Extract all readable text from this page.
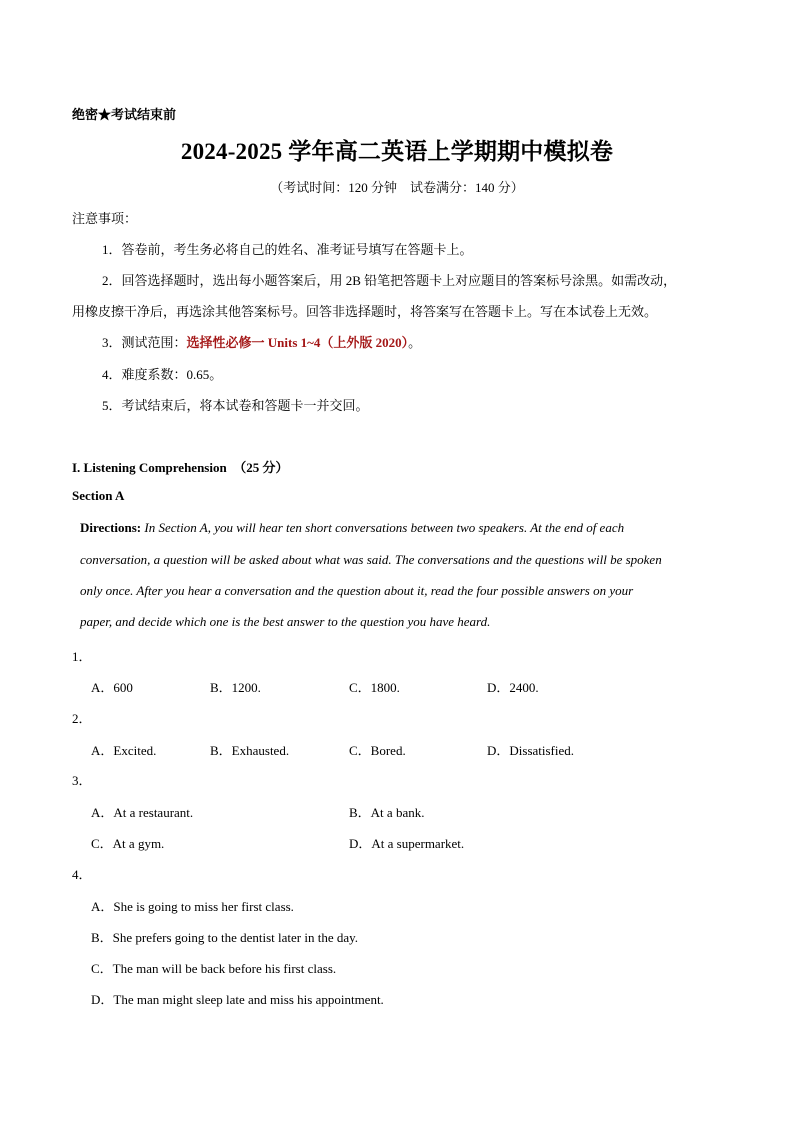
绝密★考试结束前
2024-2025 学年高二英语上学期期中模拟卷
（考试时间：120 分钟　试卷满分：140 分）
注意事项：
1．答卷前，考生务必将自己的姓名、准考证号填写在答题卡上。
2．回答选择题时，选出每小题答案后，用 2B 铅笔把答题卡上对应题目的答案标号涂黑。如需改动，
用橡皮擦干净后，再选涂其他答案标号。回答非选择题时，将答案写在答题卡上。写在本试卷上无效。
3．测试范围：选择性必修一 Units 1~4（上外版 2020）。
4．难度系数：0.65。
5．考试结束后，将本试卷和答题卡一并交回。
I. Listening Comprehension　（25 分）
Section A
Directions: In Section A, you will hear ten short conversations between two speakers. At the end of each
conversation, a question will be asked about what was said. The conversations and the questions will be spoken
only once. After you hear a conversation and the question about it, read the four possible answers on your
paper, and decide which one is the best answer to the question you have heard.
1．
A．600	B．1200.	C．1800.	D．2400.
2．
A．Excited.	B．Exhausted.	C．Bored.	D．Dissatisfied.
3．
A．At a restaurant.	B．At a bank.
C．At a gym.	D．At a supermarket.
4．
A．She is going to miss her first class.
B．She prefers going to the dentist later in the day.
C．The man will be back before his first class.
D．The man might sleep late and miss his appointment.
